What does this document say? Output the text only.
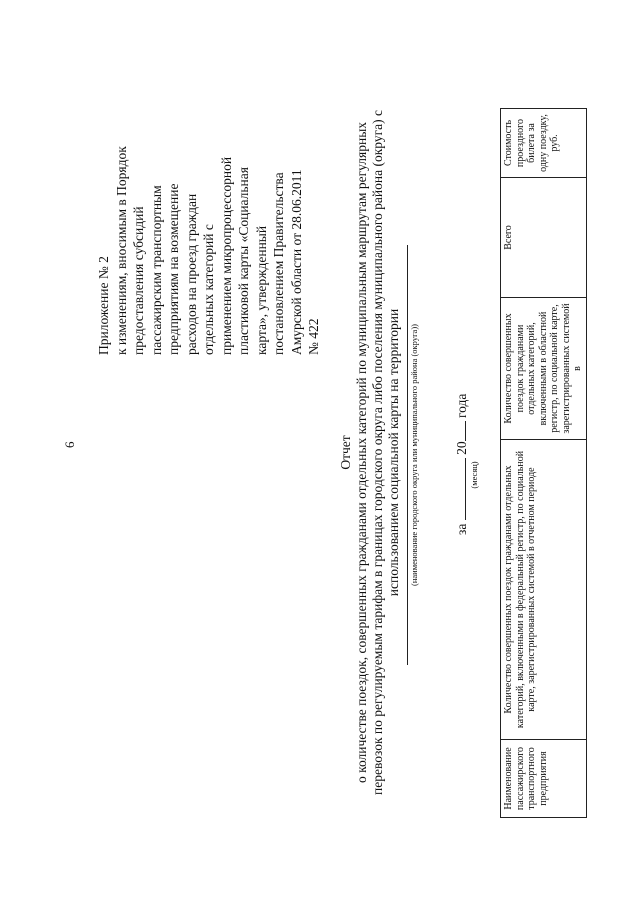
6
Приложение № 2 к изменениям, вносимым в Порядок предоставления субсидий пассажирским транспортным предприятиям на возмещение расходов на проезд граждан отдельных категорий с применением микропроцессорной пластиковой карты «Социальная карта», утвержденный постановлением Правительства Амурской области от 28.06.2011 № 422
Отчет о количестве поездок, совершенных гражданами отдельных категорий по муниципальным маршрутам регулярных перевозок по регулируемым тарифам в границах городского округа либо поселения муниципального района (округа) с использованием социальной карты на территории (наименование городского округа или муниципального района (округа))	за  20 года
(месяц)
Наименование пассажирского транспортного предприятия	Количество совершенных поездок гражданами отдельных категорий, включенными в федеральный регистр, по социальной карте, зарегистрированных системой в отчетном периоде	Количество совершенных поездок гражданами отдельных категорий, включенными в областной регистр, по социальной карте, зарегистрированных системой в	Всего	Стоимость проездного билета за одну поездку, руб.
